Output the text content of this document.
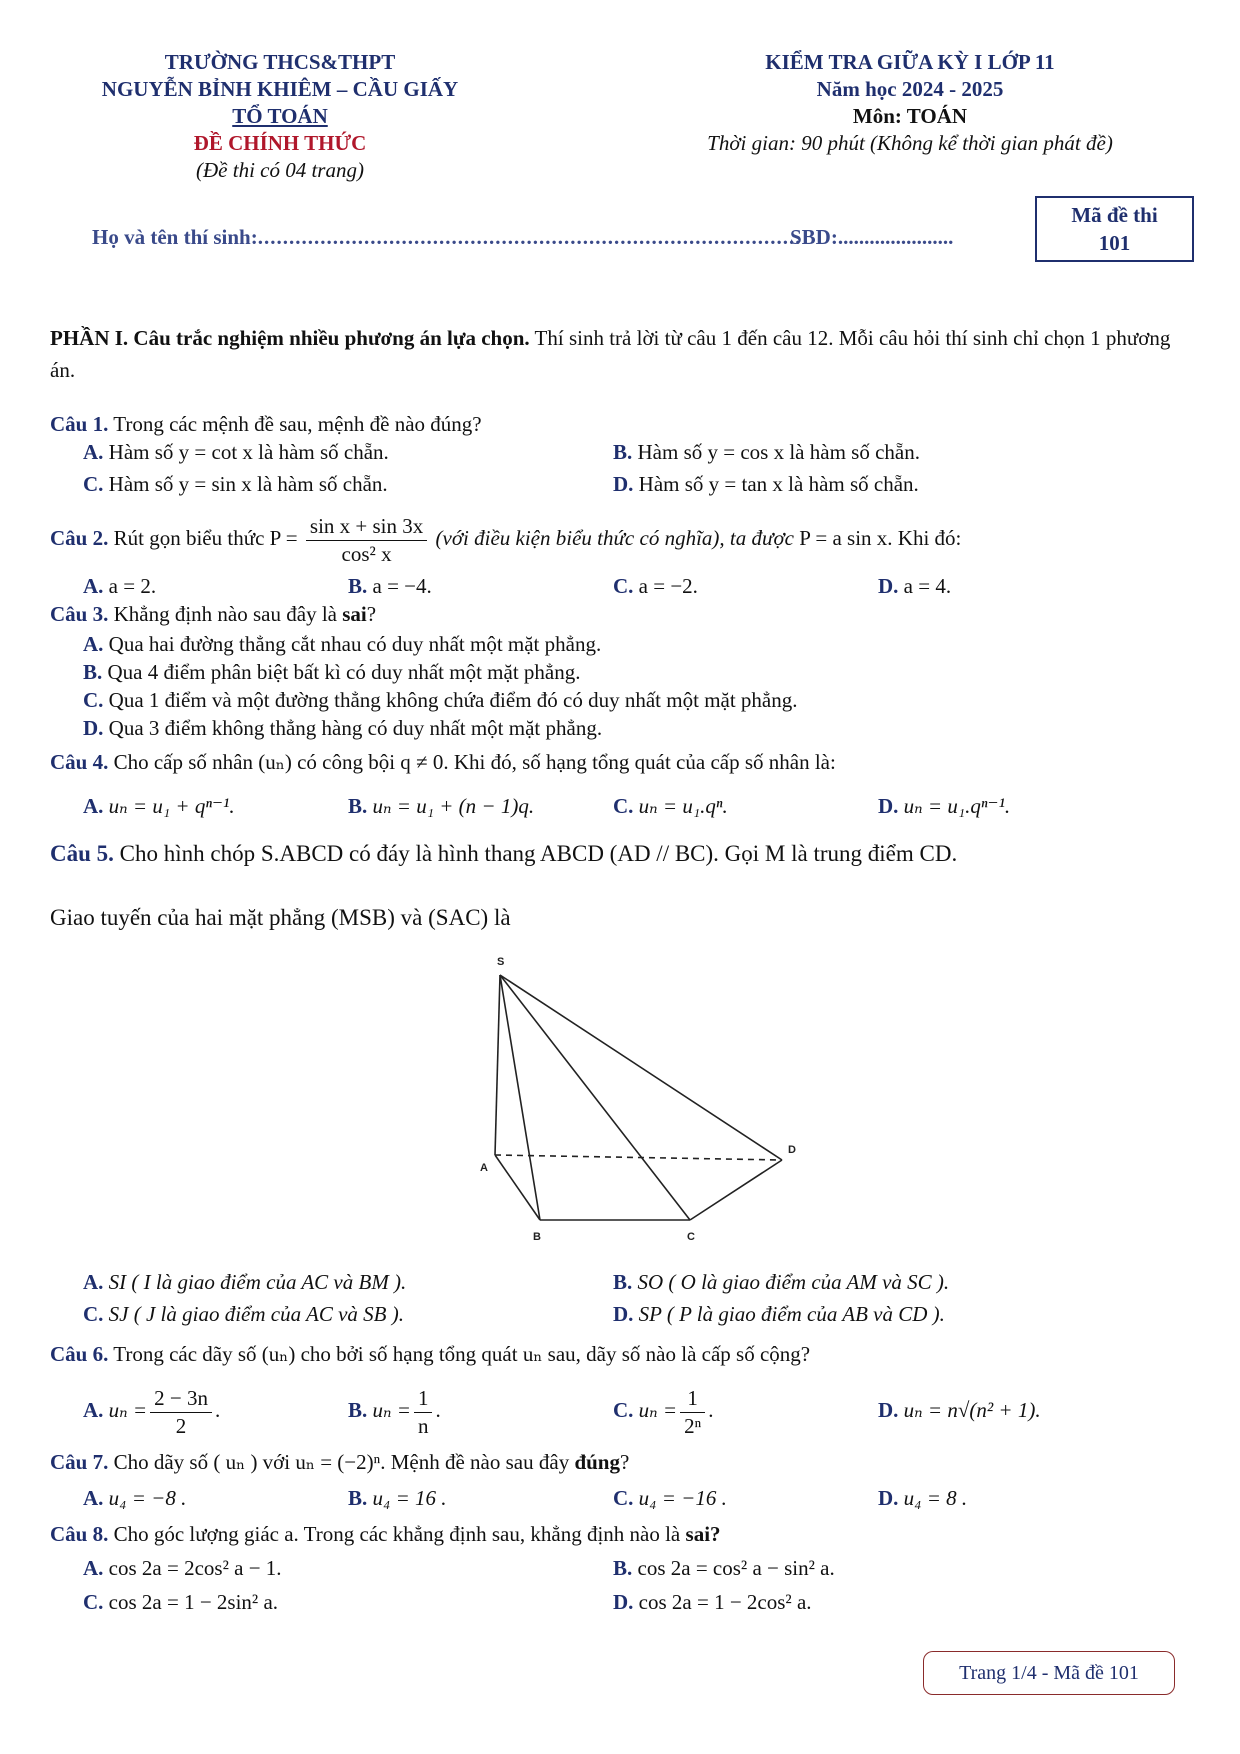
TRƯỜNG THCS&THPT
NGUYỄN BỈNH KHIÊM – CẦU GIẤY
TỔ TOÁN
ĐỀ CHÍNH THỨC
(Đề thi có 04 trang)
KIỂM TRA GIỮA KỲ I LỚP 11
Năm học 2024 - 2025
Môn: TOÁN
Thời gian: 90 phút (Không kể thời gian phát đề)
Họ và tên thí sinh:.......................................................................................
SBD:......................
Mã đề thi
101
PHẦN I. Câu trắc nghiệm nhiều phương án lựa chọn. Thí sinh trả lời từ câu 1 đến câu 12. Mỗi câu hỏi thí sinh chỉ chọn 1 phương án.
Câu 1. Trong các mệnh đề sau, mệnh đề nào đúng?
A. Hàm số y = cot x là hàm số chẵn.	B. Hàm số y = cos x là hàm số chẵn.
C. Hàm số y = sin x là hàm số chẵn.	D. Hàm số y = tan x là hàm số chẵn.
Câu 2. Rút gọn biểu thức $P = \frac{\text{sin x + sin 3x}}{\text{cos² x}}$ (với điều kiện biểu thức có nghĩa), ta được P = a sin x. Khi đó:
A. a = 2.	B. a = −4.	C. a = −2.	D. a = 4.
Câu 3. Khẳng định nào sau đây là sai?
A. Qua hai đường thẳng cắt nhau có duy nhất một mặt phẳng.
B. Qua 4 điểm phân biệt bất kì có duy nhất một mặt phẳng.
C. Qua 1 điểm và một đường thẳng không chứa điểm đó có duy nhất một mặt phẳng.
D. Qua 3 điểm không thẳng hàng có duy nhất một mặt phẳng.
Câu 4. Cho cấp số nhân (uₙ) có công bội q ≠ 0. Khi đó, số hạng tổng quát của cấp số nhân là:
A. uₙ = u₁ + qⁿ⁻¹.	B. uₙ = u₁ + (n − 1)q.	C. uₙ = u₁.qⁿ.	D. uₙ = u₁.qⁿ⁻¹.
Câu 5. Cho hình chóp S.ABCD có đáy là hình thang ABCD (AD // BC). Gọi M là trung điểm CD.
Giao tuyến của hai mặt phẳng (MSB) và (SAC) là
S
A
B	C
D
A. SI ( I là giao điểm của AC và BM ).	B. SO ( O là giao điểm của AM và SC ).
C. SJ ( J là giao điểm của AC và SB ).	D. SP ( P là giao điểm của AB và CD ).
Câu 6. Trong các dãy số (uₙ) cho bởi số hạng tổng quát uₙ sau, dãy số nào là cấp số cộng?
A. $u_n = \frac{2 - 3n}{2}$ .	B. $u_n = \frac{1}{n}$ .	C. $u_n = \frac{1}{\text{2ⁿ}}$ .	D. uₙ = n√(n² + 1).
Câu 7. Cho dãy số ( uₙ ) với uₙ = (−2)ⁿ. Mệnh đề nào sau đây đúng?
A. u₄ = −8 .	B. u₄ = 16 .	C. u₄ = −16 .	D. u₄ = 8 .
Câu 8. Cho góc lượng giác a. Trong các khẳng định sau, khẳng định nào là sai?
A. cos 2a = 2cos² a − 1.	B. cos 2a = cos² a − sin² a.
C. cos 2a = 1 − 2sin² a.	D. cos 2a = 1 − 2cos² a.
Trang 1/4 - Mã đề 101
